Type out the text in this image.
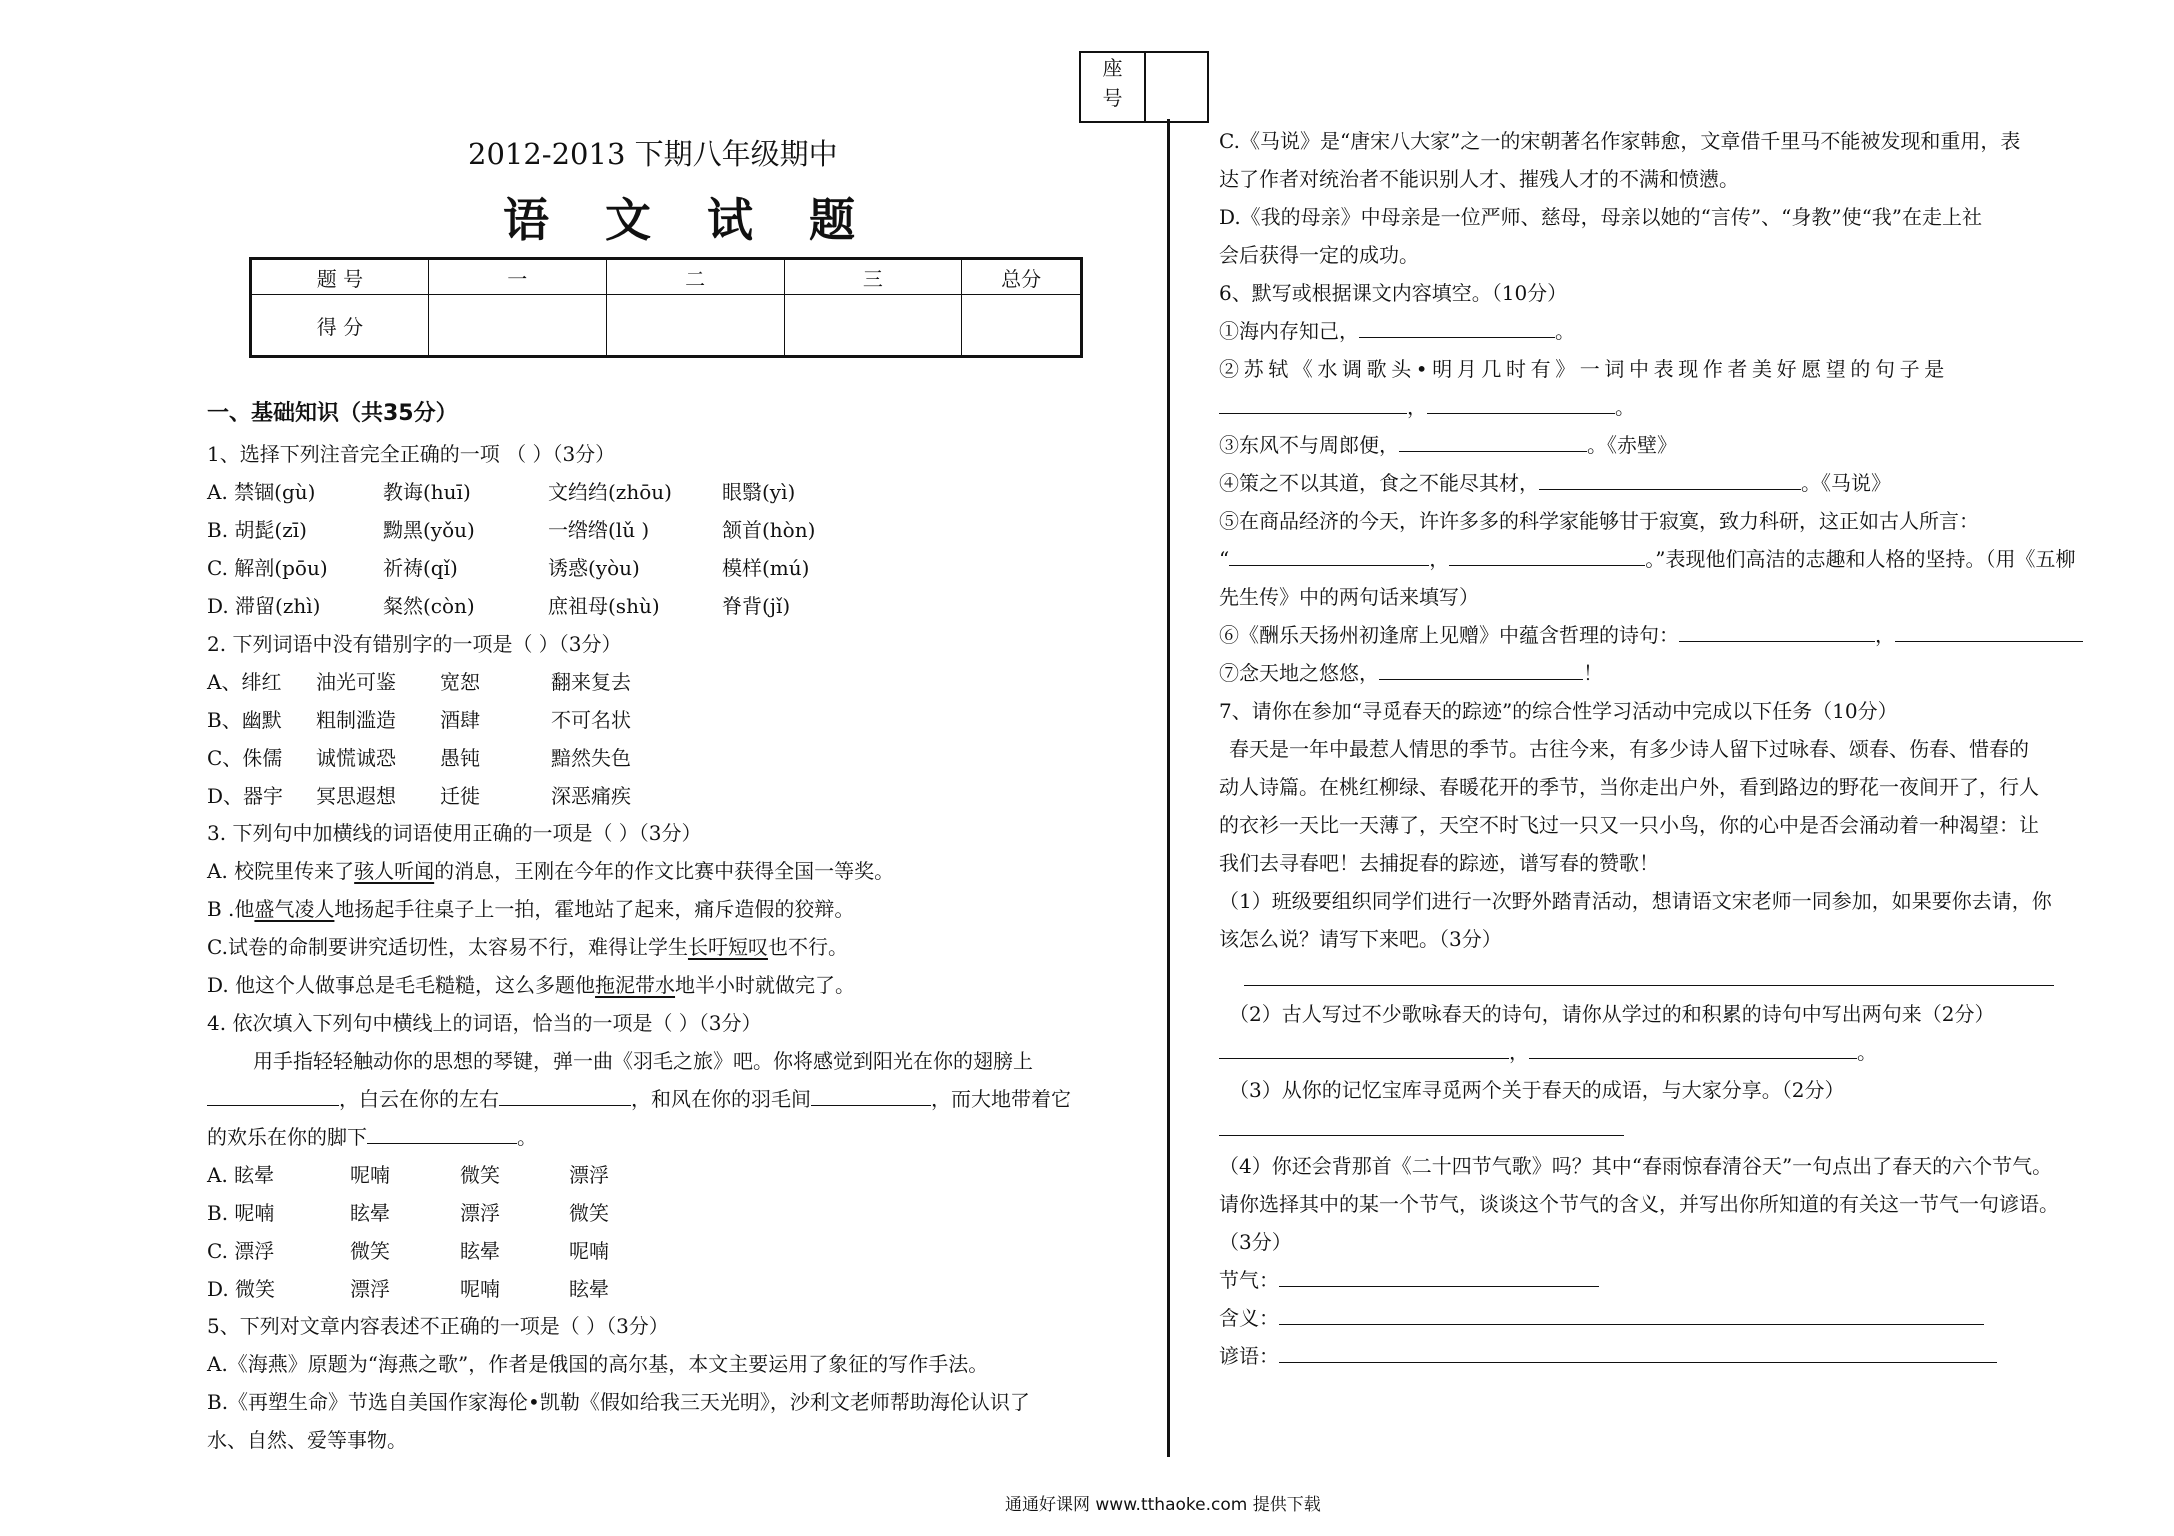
座
号
2012-2013 下期八年级期中
语 文 试 题
题 号	一	二	三	总分
得 分				
一、基础知识（共35分）
1、选择下列注音完全正确的一项 （ ）（3分）
A. 禁锢(gù)	教诲(huī)	文绉绉(zhōu)	眼翳(yì)
B. 胡髭(zī)	黝黑(yǒu)	一绺绺(lǔ )	颔首(hòn)
C. 解剖(pōu)	祈祷(qǐ)	诱惑(yòu)	模样(mú)
D. 滞留(zhì)	粲然(còn)	庶祖母(shù)	脊背(jǐ)
2. 下列词语中没有错别字的一项是（ ）（3分）
A、绯红 油光可鉴 宽恕	翻来复去
B、幽默 粗制滥造 酒肆	不可名状
C、侏儒 诚慌诚恐 愚钝	黯然失色
D、器宇 冥思遐想 迁徙	深恶痛疾
3. 下列句中加横线的词语使用正确的一项是（ ）（3分）
A. 校院里传来了骇人听闻的消息，王刚在今年的作文比赛中获得全国一等奖。
B .他盛气凌人地扬起手往桌子上一拍，霍地站了起来，痛斥造假的狡辩。
C.试卷的命制要讲究适切性，太容易不行，难得让学生长吁短叹也不行。
D. 他这个人做事总是毛毛糙糙，这么多题他拖泥带水地半小时就做完了。
4. 依次填入下列句中横线上的词语，恰当的一项是（ ）（3分）
用手指轻轻触动你的思想的琴键，弹一曲《羽毛之旅》吧。你将感觉到阳光在你的翅膀上
，白云在你的左右	，和风在你的羽毛间	，而大地带着它
的欢乐在你的脚下	。
A. 眩晕	呢喃	微笑	漂浮
B. 呢喃	眩晕	漂浮	微笑
C. 漂浮	微笑	眩晕	呢喃
D. 微笑	漂浮	呢喃	眩晕
5、下列对文章内容表述不正确的一项是（ ）（3分）
A.《海燕》原题为“海燕之歌”，作者是俄国的高尔基，本文主要运用了象征的写作手法。
B.《再塑生命》节选自美国作家海伦•凯勒《假如给我三天光明》，沙利文老师帮助海伦认识了
水、自然、爱等事物。
C.《马说》是“唐宋八大家”之一的宋朝著名作家韩愈，文章借千里马不能被发现和重用，表
达了作者对统治者不能识别人才、摧残人才的不满和愤懑。
D.《我的母亲》中母亲是一位严师、慈母，母亲以她的“言传”、“身教”使“我”在走上社
会后获得一定的成功。
6、默写或根据课文内容填空。（10分）
①海内存知己，	。
②苏轼《水调歌头•明月几时有》一词中表现作者美好愿望的句子是
，	。
③东风不与周郎便，	。《赤壁》
④策之不以其道，食之不能尽其材，	。《马说》
⑤在商品经济的今天，许许多多的科学家能够甘于寂寞，致力科研，这正如古人所言：
“	，	。”表现他们高洁的志趣和人格的坚持。（用《五柳
先生传》中的两句话来填写）
⑥《酬乐天扬州初逢席上见赠》中蕴含哲理的诗句：	，
⑦念天地之悠悠，	！
7、请你在参加“寻觅春天的踪迹”的综合性学习活动中完成以下任务（10分）
春天是一年中最惹人情思的季节。古往今来，有多少诗人留下过咏春、颂春、伤春、惜春的
动人诗篇。在桃红柳绿、春暖花开的季节，当你走出户外，看到路边的野花一夜间开了，行人
的衣衫一天比一天薄了，天空不时飞过一只又一只小鸟，你的心中是否会涌动着一种渴望：让
我们去寻春吧！去捕捉春的踪迹，谱写春的赞歌！
（1）班级要组织同学们进行一次野外踏青活动，想请语文宋老师一同参加，如果要你去请，你
该怎么说？请写下来吧。（3分）
（2）古人写过不少歌咏春天的诗句，请你从学过的和积累的诗句中写出两句来（2分）
，	。
（3）从你的记忆宝库寻觅两个关于春天的成语，与大家分享。（2分）
（4）你还会背那首《二十四节气歌》吗？其中“春雨惊春清谷天”一句点出了春天的六个节气。
请你选择其中的某一个节气，谈谈这个节气的含义，并写出你所知道的有关这一节气一句谚语。
（3分）
节气：
含义：
谚语：
通通好课网 www.tthaoke.com 提供下载
